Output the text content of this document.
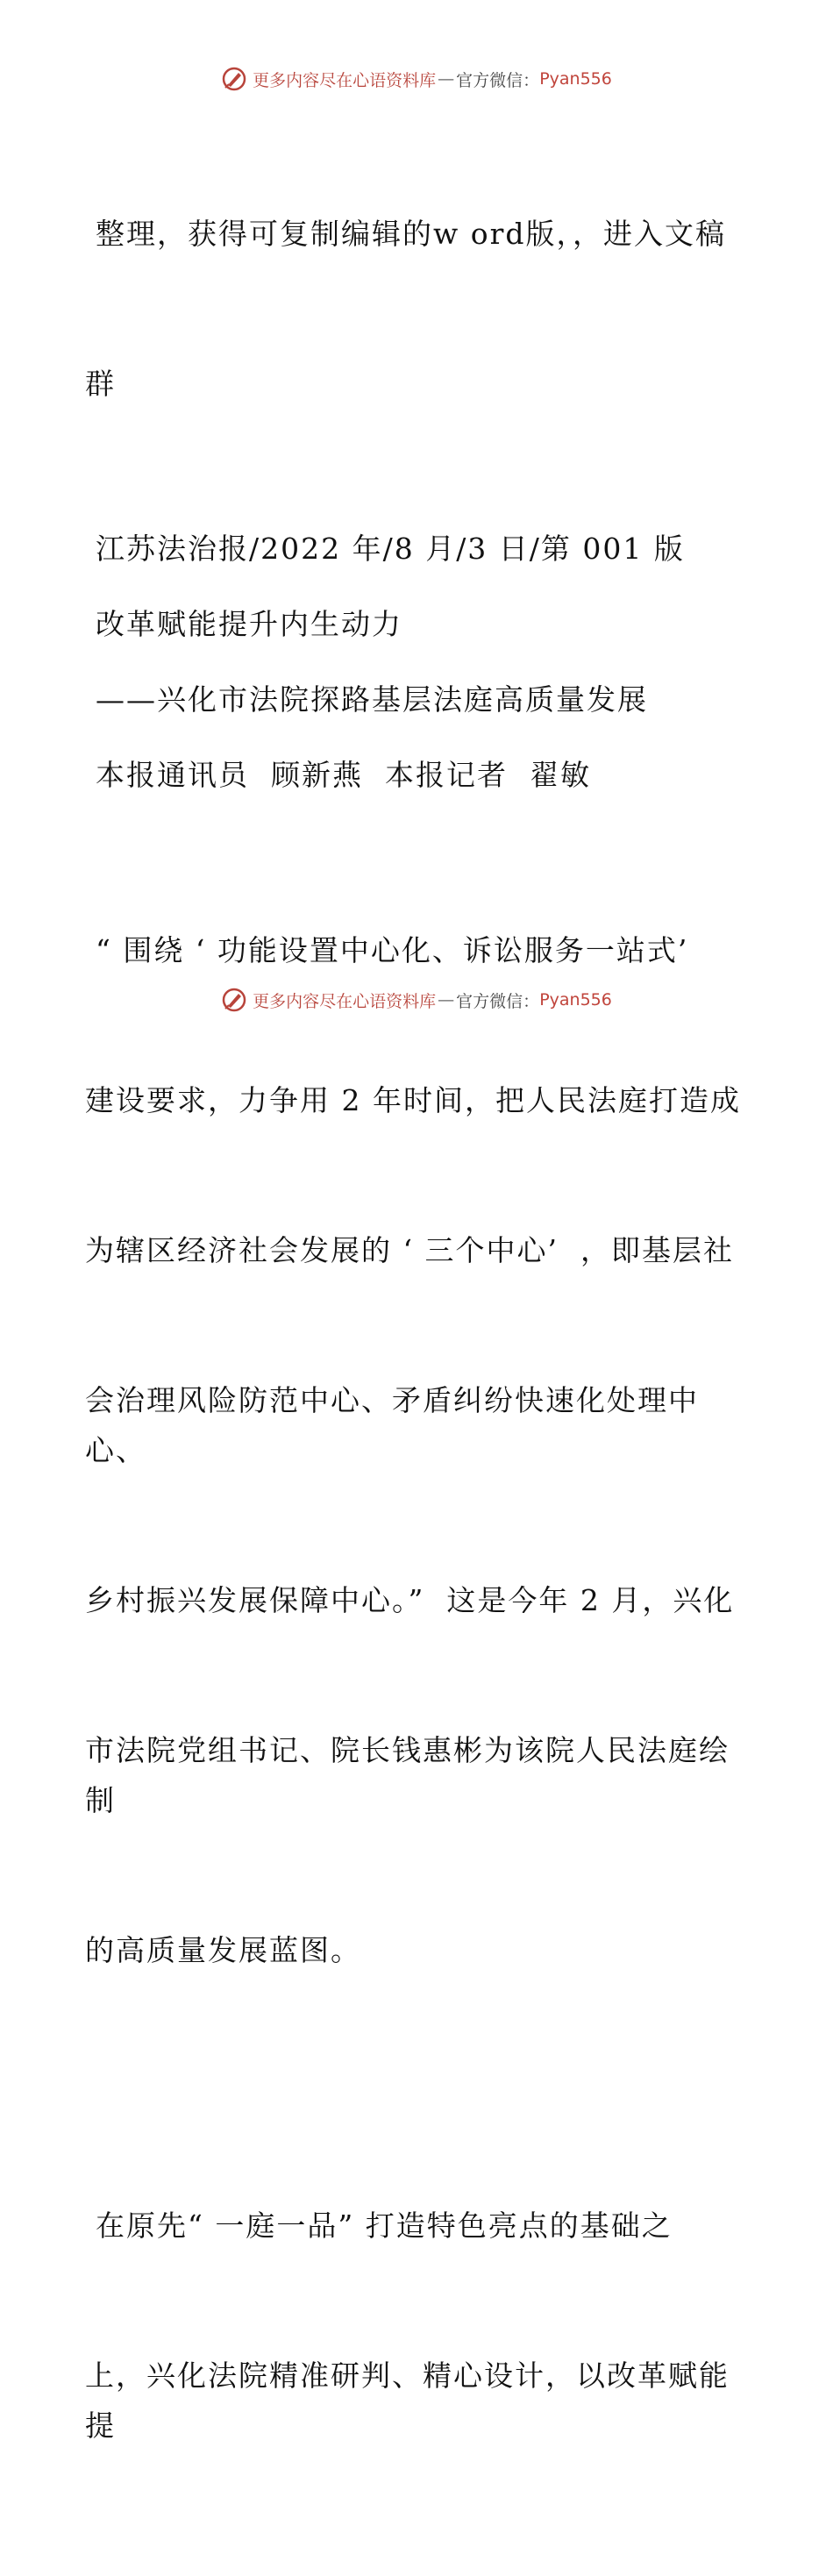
更多内容尽在心语资料库 — 官方微信： Pyan556

整理，获得可复制编辑的w ord版，，进入文稿

群

江苏法治报/2022 年/8 月/3 日/第 001 版
改革赋能提升内生动力
——兴化市法院探路基层法庭高质量发展
本报通讯员  顾新燕  本报记者  翟敏

“ 围绕 ‘ 功能设置中心化、诉讼服务一站式’

建设要求，力争用 2 年时间，把人民法庭打造成

为辖区经济社会发展的 ‘ 三个中心’  ，即基层社

会治理风险防范中心、矛盾纠纷快速化处理中心、

乡村振兴发展保障中心。”  这是今年 2 月，兴化

市法院党组书记、院长钱惠彬为该院人民法庭绘制

的高质量发展蓝图。

在原先“ 一庭一品” 打造特色亮点的基础之

上，兴化法院精准研判、精心设计，以改革赋能提

更多内容尽在心语资料库 — 官方微信： Pyan556
